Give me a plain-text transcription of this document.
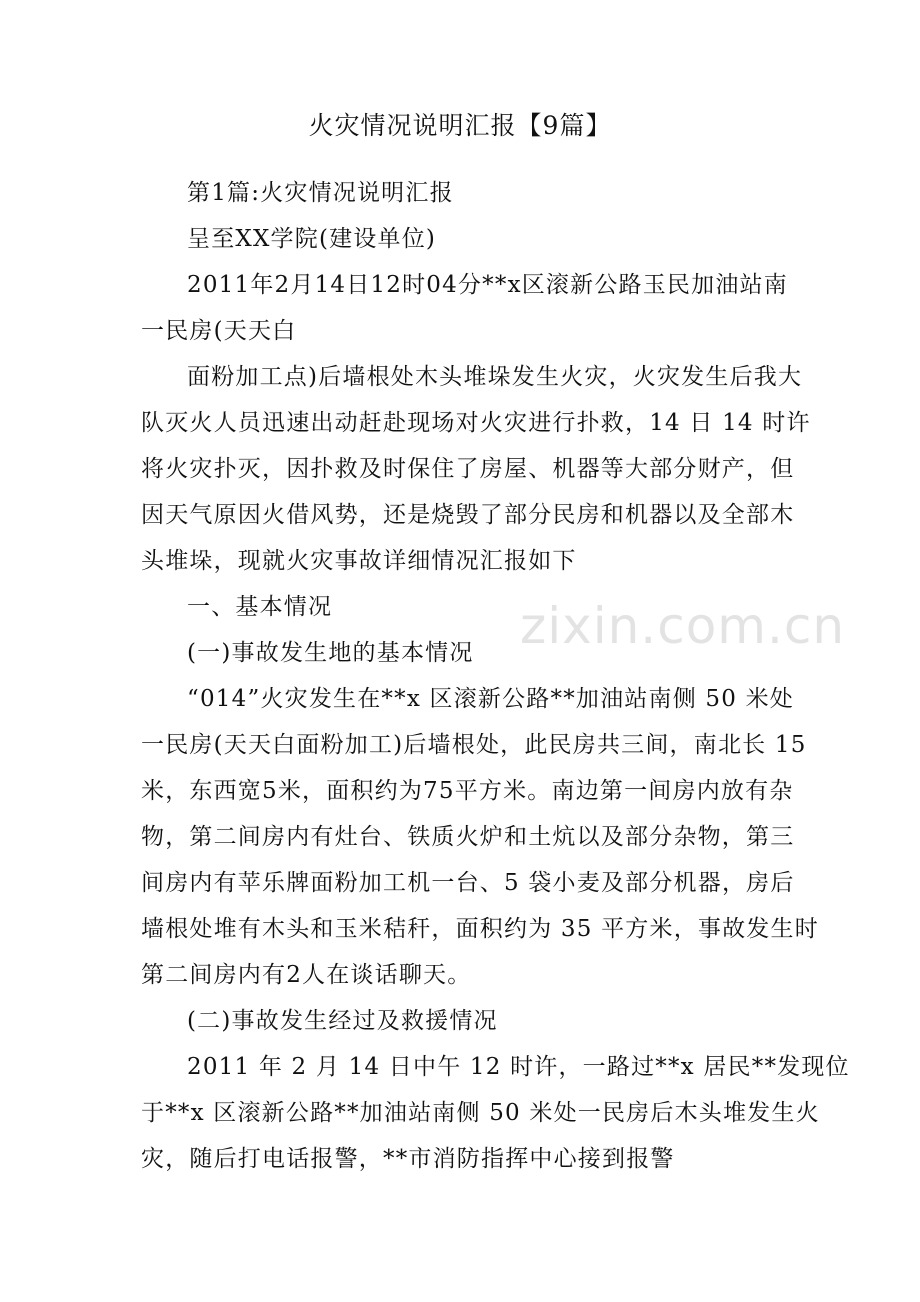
火灾情况说明汇报【9篇】
第1篇:火灾情况说明汇报
呈至XX学院(建设单位)
2011年2月14日12时04分**x区滚新公路玉民加油站南
一民房(天天白
面粉加工点)后墙根处木头堆垛发生火灾，火灾发生后我大
队灭火人员迅速出动赶赴现场对火灾进行扑救，14 日 14 时许
将火灾扑灭，因扑救及时保住了房屋、机器等大部分财产，但
因天气原因火借风势，还是烧毁了部分民房和机器以及全部木
头堆垛，现就火灾事故详细情况汇报如下
一、基本情况	zixin.com.cn
(一)事故发生地的基本情况
“014”火灾发生在**x 区滚新公路**加油站南侧 50 米处
一民房(天天白面粉加工)后墙根处，此民房共三间，南北长 15
米，东西宽5米，面积约为75平方米。南边第一间房内放有杂
物，第二间房内有灶台、铁质火炉和土炕以及部分杂物，第三
间房内有苹乐牌面粉加工机一台、5 袋小麦及部分机器，房后
墙根处堆有木头和玉米秸秆，面积约为 35 平方米，事故发生时
第二间房内有2人在谈话聊天。
(二)事故发生经过及救援情况
2011 年 2 月 14 日中午 12 时许，一路过**x 居民**发现位
于**x 区滚新公路**加油站南侧 50 米处一民房后木头堆发生火
灾，随后打电话报警，**市消防指挥中心接到报警
